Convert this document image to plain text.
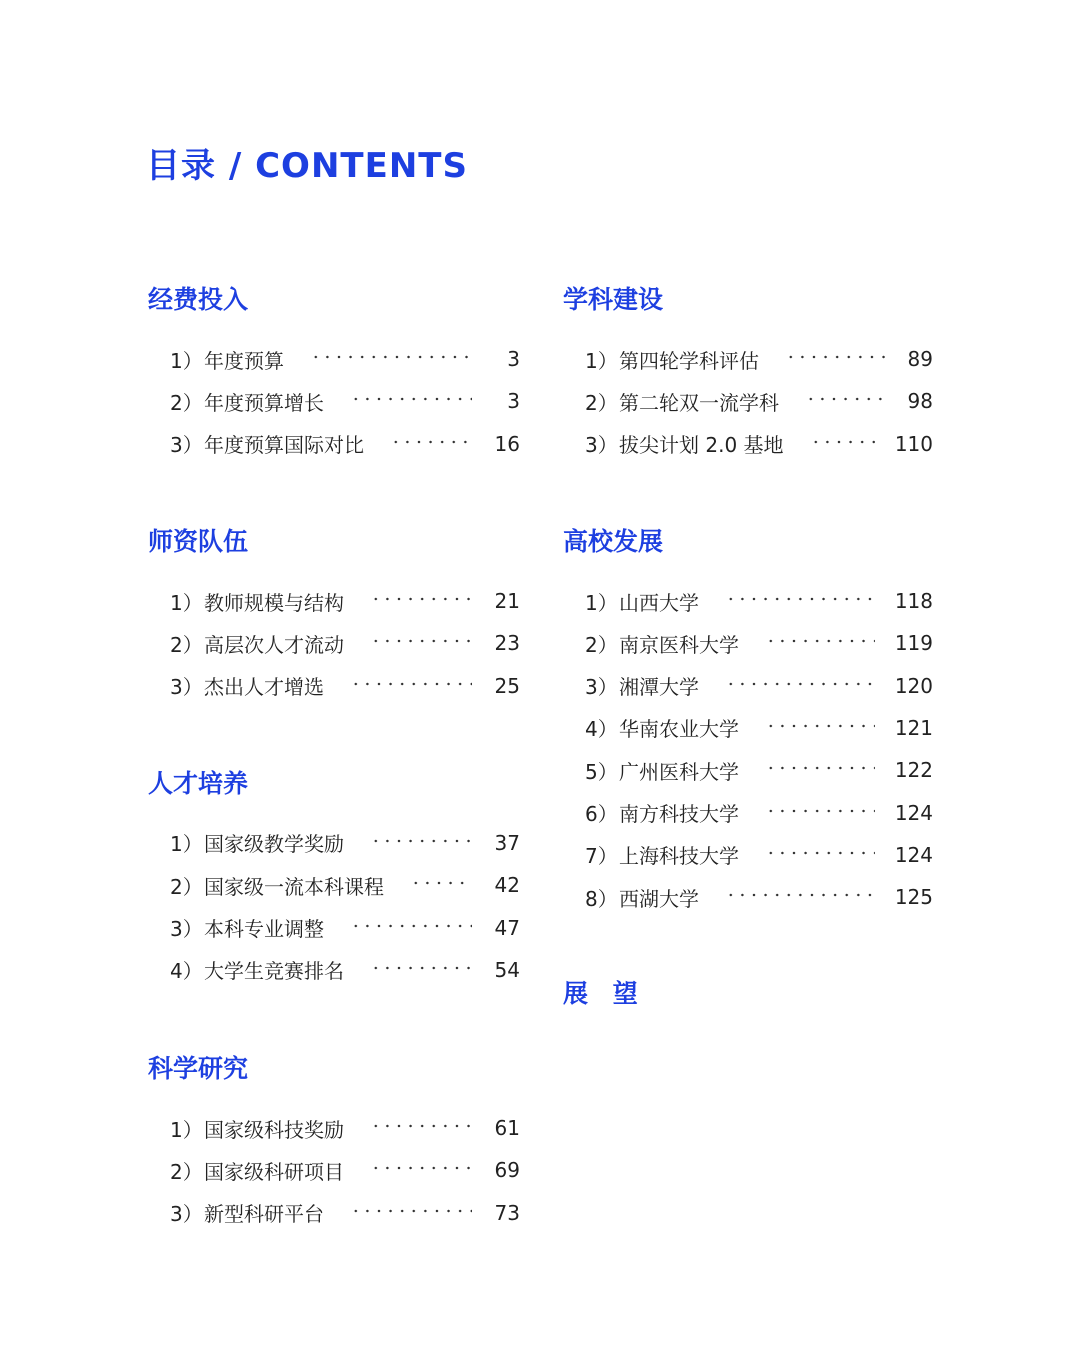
目录 / CONTENTS
经费投入
1） 年度预算	3
2） 年度预算增长	3
3） 年度预算国际对比	16
师资队伍
1） 教师规模与结构	21
2） 高层次人才流动	23
3） 杰出人才增选	25
人才培养
1） 国家级教学奖励	37
2） 国家级一流本科课程	42
3） 本科专业调整	47
4） 大学生竞赛排名	54
科学研究
1） 国家级科技奖励	61
2） 国家级科研项目	69
3） 新型科研平台	73
学科建设
1） 第四轮学科评估	89
2） 第二轮双一流学科	98
3） 拔尖计划 2.0 基地	110
高校发展
1） 山西大学	118
2） 南京医科大学	119
3） 湘潭大学	120
4） 华南农业大学	121
5） 广州医科大学	122
6） 南方科技大学	124
7） 上海科技大学	124
8） 西湖大学	125
展 望
